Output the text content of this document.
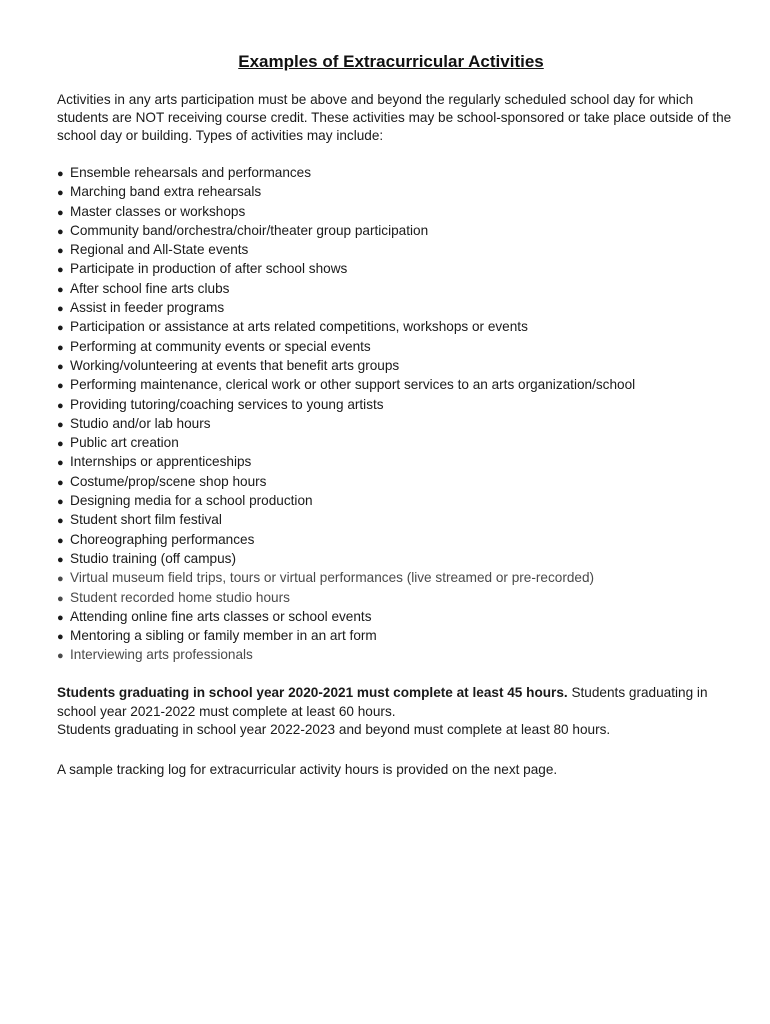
Examples of Extracurricular Activities

Activities in any arts participation must be above and beyond the regularly scheduled school day for which students are NOT receiving course credit. These activities may be school-sponsored or take place outside of the school day or building. Types of activities may include:

● Ensemble rehearsals and performances
● Marching band extra rehearsals
● Master classes or workshops
● Community band/orchestra/choir/theater group participation
● Regional and All-State events
● Participate in production of after school shows
● After school fine arts clubs
● Assist in feeder programs
● Participation or assistance at arts related competitions, workshops or events
● Performing at community events or special events
● Working/volunteering at events that benefit arts groups
● Performing maintenance, clerical work or other support services to an arts organization/school
● Providing tutoring/coaching services to young artists
● Studio and/or lab hours
● Public art creation
● Internships or apprenticeships
● Costume/prop/scene shop hours
● Designing media for a school production
● Student short film festival
● Choreographing performances
● Studio training (off campus)
● Virtual museum field trips, tours or virtual performances (live streamed or pre-recorded)
● Student recorded home studio hours
● Attending online fine arts classes or school events
● Mentoring a sibling or family member in an art form
● Interviewing arts professionals

Students graduating in school year 2020-2021 must complete at least 45 hours. Students graduating in school year 2021-2022 must complete at least 60 hours.
Students graduating in school year 2022-2023 and beyond must complete at least 80 hours.

A sample tracking log for extracurricular activity hours is provided on the next page.
